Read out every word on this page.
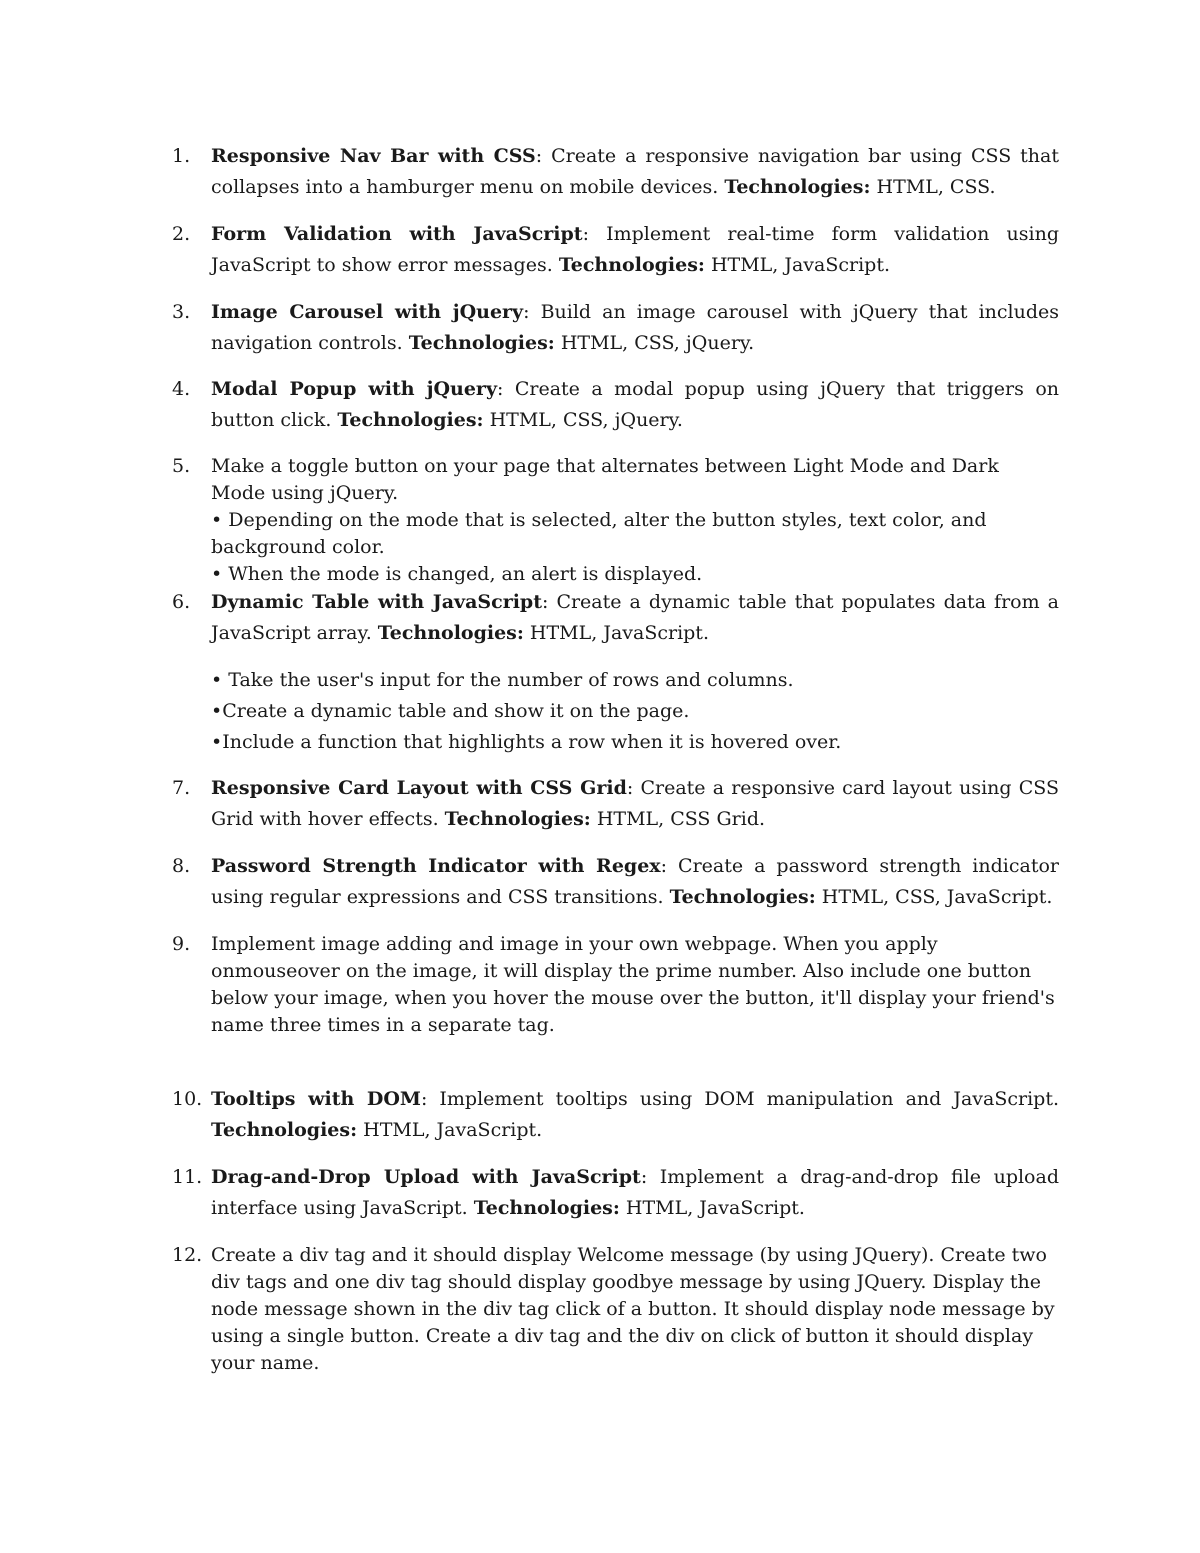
1.	Responsive Nav Bar with CSS: Create a responsive navigation bar using CSS that collapses into a hamburger menu on mobile devices. Technologies: HTML, CSS.
2.	Form Validation with JavaScript: Implement real-time form validation using JavaScript to show error messages. Technologies: HTML, JavaScript.
3.	Image Carousel with jQuery: Build an image carousel with jQuery that includes navigation controls. Technologies: HTML, CSS, jQuery.
4.	Modal Popup with jQuery: Create a modal popup using jQuery that triggers on button click. Technologies: HTML, CSS, jQuery.
5.	Make a toggle button on your page that alternates between Light Mode and Dark Mode using jQuery.
• Depending on the mode that is selected, alter the button styles, text color, and background color.
• When the mode is changed, an alert is displayed.
6.	Dynamic Table with JavaScript: Create a dynamic table that populates data from a JavaScript array. Technologies: HTML, JavaScript.
• Take the user's input for the number of rows and columns.
•Create a dynamic table and show it on the page.
•Include a function that highlights a row when it is hovered over.
7.	Responsive Card Layout with CSS Grid: Create a responsive card layout using CSS Grid with hover effects. Technologies: HTML, CSS Grid.
8.	Password Strength Indicator with Regex: Create a password strength indicator using regular expressions and CSS transitions. Technologies: HTML, CSS, JavaScript.
9.	Implement image adding and image in your own webpage. When you apply onmouseover on the image, it will display the prime number. Also include one button below your image, when you hover the mouse over the button, it'll display your friend's name three times in a separate tag.
10. Tooltips with DOM: Implement tooltips using DOM manipulation and JavaScript. Technologies: HTML, JavaScript.
11. Drag-and-Drop Upload with JavaScript: Implement a drag-and-drop file upload interface using JavaScript. Technologies: HTML, JavaScript.
12. Create a div tag and it should display Welcome message (by using JQuery). Create two div tags and one div tag should display goodbye message by using JQuery. Display the node message shown in the div tag click of a button. It should display node message by using a single button. Create a div tag and the div on click of button it should display your name.
